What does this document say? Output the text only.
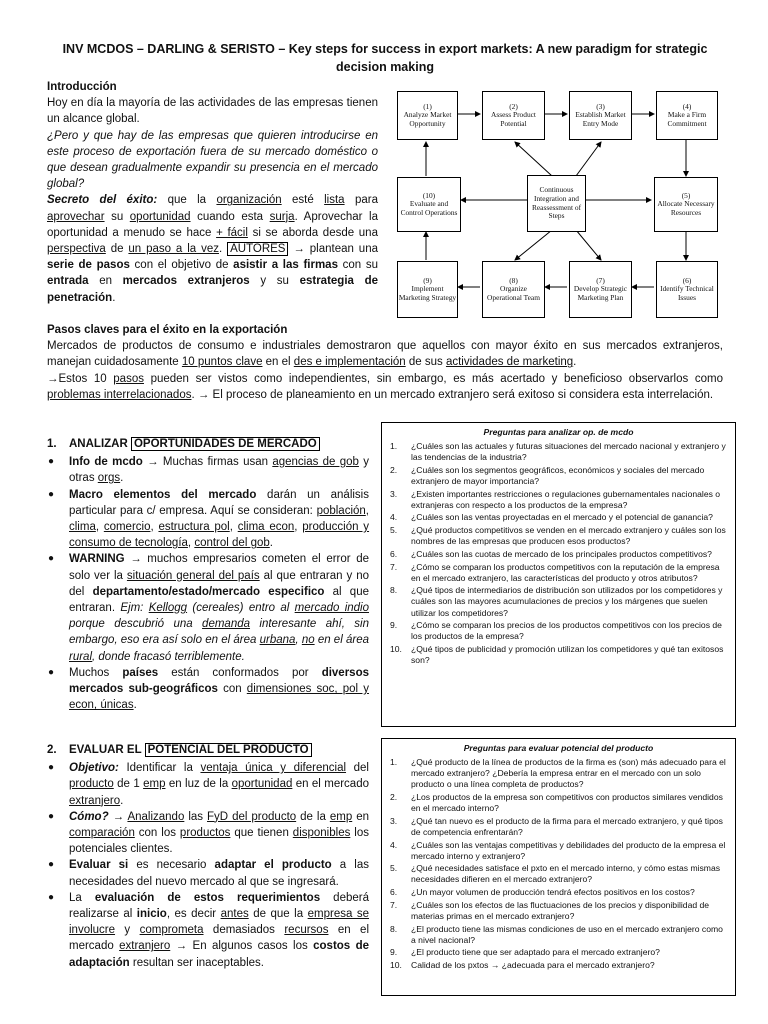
INV MCDOS – DARLING & SERISTO – Key steps for success in export markets: A new paradigm for strategic decision making

Introducción

Hoy en día la mayoría de las actividades de las empresas tienen un alcance global.

¿Pero y que hay de las empresas que quieren introducirse en este proceso de exportación fuera de su mercado doméstico o que desean gradualmente expandir su presencia en el mercado global?

Secreto del éxito: que la organización esté lista para aprovechar su oportunidad cuando esta surja. Aprovechar la oportunidad a menudo se hace + fácil si se aborda desde una perspectiva de un paso a la vez. AUTORES → plantean una serie de pasos con el objetivo de asistir a las firmas con su entrada en mercados extranjeros y su estrategia de penetración.

(1)
Analyze Market Opportunity
(2)
Assess Product Potential
(3)
Establish Market Entry Mode
(4)
Make a Firm Commitment
(5)
Allocate Necessary Resources
(6)
Identify Technical Issues
(7)
Develop Strategic Marketing Plan
(8)
Organize Operational Team
(9)
Implement Marketing Strategy
(10)
Evaluate and Control Operations
Continuous Integration and Reassessment of Steps

Pasos claves para el éxito en la exportación

Mercados de productos de consumo e industriales demostraron que aquellos con mayor éxito en sus mercados extranjeros, manejan cuidadosamente 10 puntos clave en el des e implementación de sus actividades de marketing.

→Estos 10 pasos pueden ser vistos como independientes, sin embargo, es más acertado y beneficioso observarlos como problemas interrelacionados. → El proceso de planeamiento en un mercado extranjero será exitoso si considera esta interrelación.

1. ANALIZAR OPORTUNIDADES DE MERCADO
● Info de mcdo → Muchas firmas usan agencias de gob y otras orgs.
● Macro elementos del mercado darán un análisis particular para c/ empresa. Aquí se consideran: población, clima, comercio, estructura pol, clima econ, producción y consumo de tecnología, control del gob.
● WARNING → muchos empresarios cometen el error de solo ver la situación general del país al que entraran y no del departamento/estado/mercado especifico al que entraran. Ejm: Kellogg (cereales) entro al mercado indio porque descubrió una demanda interesante ahí, sin embargo, eso era así solo en el área urbana, no en el área rural, donde fracasó terriblemente.
● Muchos países están conformados por diversos mercados sub-geográficos con dimensiones soc, pol y econ, únicas.
Preguntas para analizar op. de mcdo
1. ¿Cuáles son las actuales y futuras situaciones del mercado nacional y extranjero y las tendencias de la industria?
2. ¿Cuáles son los segmentos geográficos, económicos y sociales del mercado extranjero de mayor importancia?
3. ¿Existen importantes restricciones o regulaciones gubernamentales nacionales o extranjeras con respecto a los productos de la empresa?
4. ¿Cuáles son las ventas proyectadas en el mercado y el potencial de ganancia?
5. ¿Qué productos competitivos se venden en el mercado extranjero y cuáles son los nombres de las empresas que producen esos productos?
6. ¿Cuáles son las cuotas de mercado de los principales productos competitivos?
7. ¿Cómo se comparan los productos competitivos con la reputación de la empresa en el mercado extranjero, las características del producto y otros atributos?
8. ¿Qué tipos de intermediarios de distribución son utilizados por los competidores y cuáles son las mayores acumulaciones de precios y los márgenes que suelen utilizar los competidores?
9. ¿Cómo se comparan los precios de los productos competitivos con los precios de los productos de la empresa?
10. ¿Qué tipos de publicidad y promoción utilizan los competidores y qué tan exitosos son?
2. EVALUAR EL POTENCIAL DEL PRODUCTO
● Objetivo: Identificar la ventaja única y diferencial del producto de 1 emp en luz de la oportunidad en el mercado extranjero.
● Cómo? → Analizando las FyD del producto de la emp en comparación con los productos que tienen disponibles los potenciales clientes.
● Evaluar si es necesario adaptar el producto a las necesidades del nuevo mercado al que se ingresará.
● La evaluación de estos requerimientos deberá realizarse al inicio, es decir antes de que la empresa se involucre y comprometa demasiados recursos en el mercado extranjero → En algunos casos los costos de adaptación resultan ser inaceptables.
Preguntas para evaluar potencial del producto
1. ¿Qué producto de la línea de productos de la firma es (son) más adecuado para el mercado extranjero? ¿Debería la empresa entrar en el mercado con un solo producto o una línea completa de productos?
2. ¿Los productos de la empresa son competitivos con productos similares vendidos en el mercado interno?
3. ¿Qué tan nuevo es el producto de la firma para el mercado extranjero, y qué tipos de competencia enfrentarán?
4. ¿Cuáles son las ventajas competitivas y debilidades del producto de la empresa el mercado interno y extranjero?
5. ¿Qué necesidades satisface el pxto en el mercado interno, y cómo estas mismas necesidades difieren en el mercado extranjero?
6. ¿Un mayor volumen de producción tendrá efectos positivos en los costos?
7. ¿Cuáles son los efectos de las fluctuaciones de los precios y disponibilidad de materias primas en el mercado extranjero?
8. ¿El producto tiene las mismas condiciones de uso en el mercado extranjero como a nivel nacional?
9. ¿El producto tiene que ser adaptado para el mercado extranjero?
10. Calidad de los pxtos → ¿adecuada para el mercado extranjero?
